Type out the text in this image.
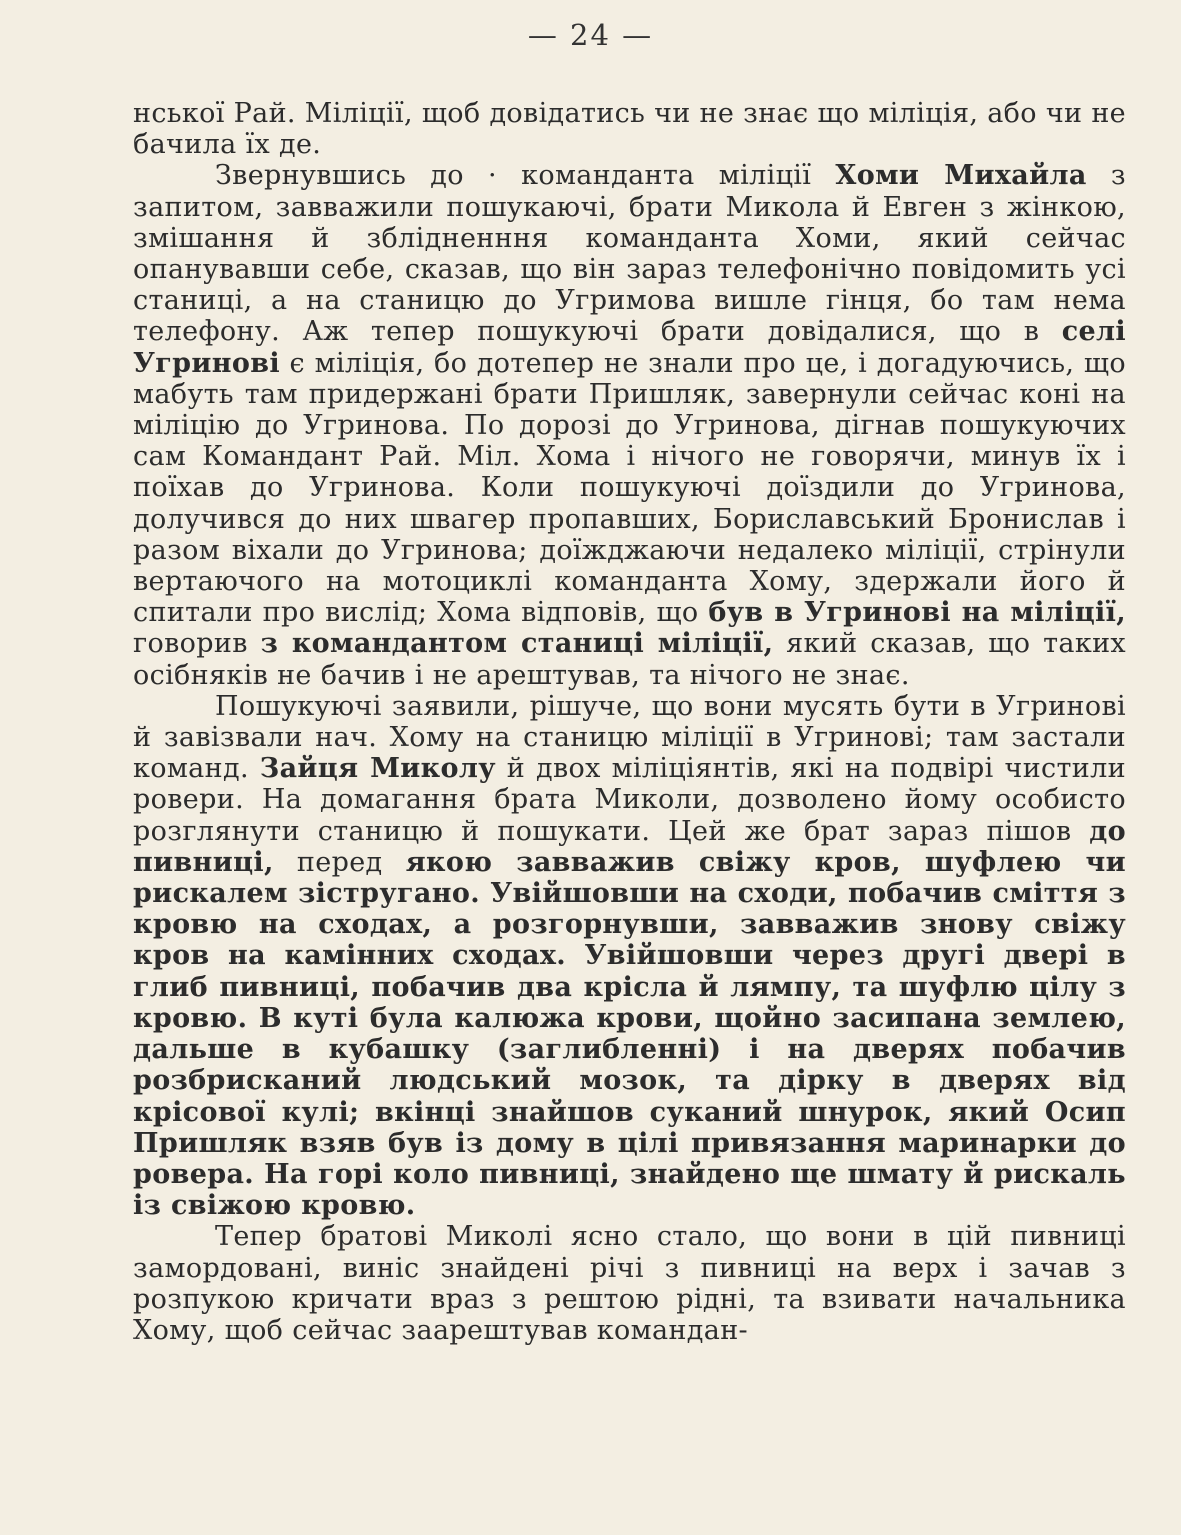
— 24 —

нської Рай. Міліції, щоб довідатись чи не знає що міліція, або чи не бачила їх де.

Звернувшись до · команданта міліції Хоми Михайла з запитом, завважили пошукаючі, брати Микола й Евген з жінкою, змішання й зблідненння команданта Хоми, який сейчас опанувавши себе, сказав, що він зараз телефонічно повідомить усі станиці, а на станицю до Угримова вишле гінця, бо там нема телефону. Аж тепер пошукуючі брати довідалися, що в селі Угринові є міліція, бо дотепер не знали про це, і догадуючись, що мабуть там придержані брати Пришляк, завернули сейчас коні на міліцію до Угринова. По дорозі до Угринова, дігнав пошукуючих сам Командант Рай. Міл. Хома і нічого не говорячи, минув їх і поїхав до Угринова. Коли пошукуючі доїздили до Угринова, долучився до них швагер пропавших, Бориславський Бронислав і разом віхали до Угринова; доїжджаючи недалеко міліції, стрінули вертаючого на мотоциклі команданта Хому, здержали його й спитали про вислід; Хома відповів, що був в Угринові на міліції, говорив з командантом станиці міліції, який сказав, що таких осібняків не бачив і не арештував, та нічого не знає.

Пошукуючі заявили, рішуче, що вони мусять бути в Угринові й завізвали нач. Хому на станицю міліції в Угринові; там застали команд. Зайця Миколу й двох міліціянтів, які на подвірі чистили ровери. На домагання брата Миколи, дозволено йому особисто розглянути станицю й пошукати. Цей же брат зараз пішов до пивниці, перед якою завважив свіжу кров, шуфлею чи рискалем зістругано. Увійшовши на сходи, побачив сміття з кровю на сходах, а розгорнувши, завважив знову свіжу кров на камінних сходах. Увійшовши через другі двері в глиб пивниці, побачив два крісла й лямпу, та шуфлю цілу з кровю. В куті була калюжа крови, щойно засипана землею, дальше в кубашку (заглибленні) і на дверях побачив розбрисканий людський мозок, та дірку в дверях від крісової кулі; вкінці знайшов суканий шнурок, який Осип Пришляк взяв був із дому в цілі привязання маринарки до ровера. На горі коло пивниці, знайдено ще шмату й рискаль із свіжою кровю.

Тепер братові Миколі ясно стало, що вони в цій пивниці замордовані, виніс знайдені річі з пивниці на верх і зачав з розпукою кричати враз з рештою рідні, та взивати начальника Хому, щоб сейчас заарештував командан-
